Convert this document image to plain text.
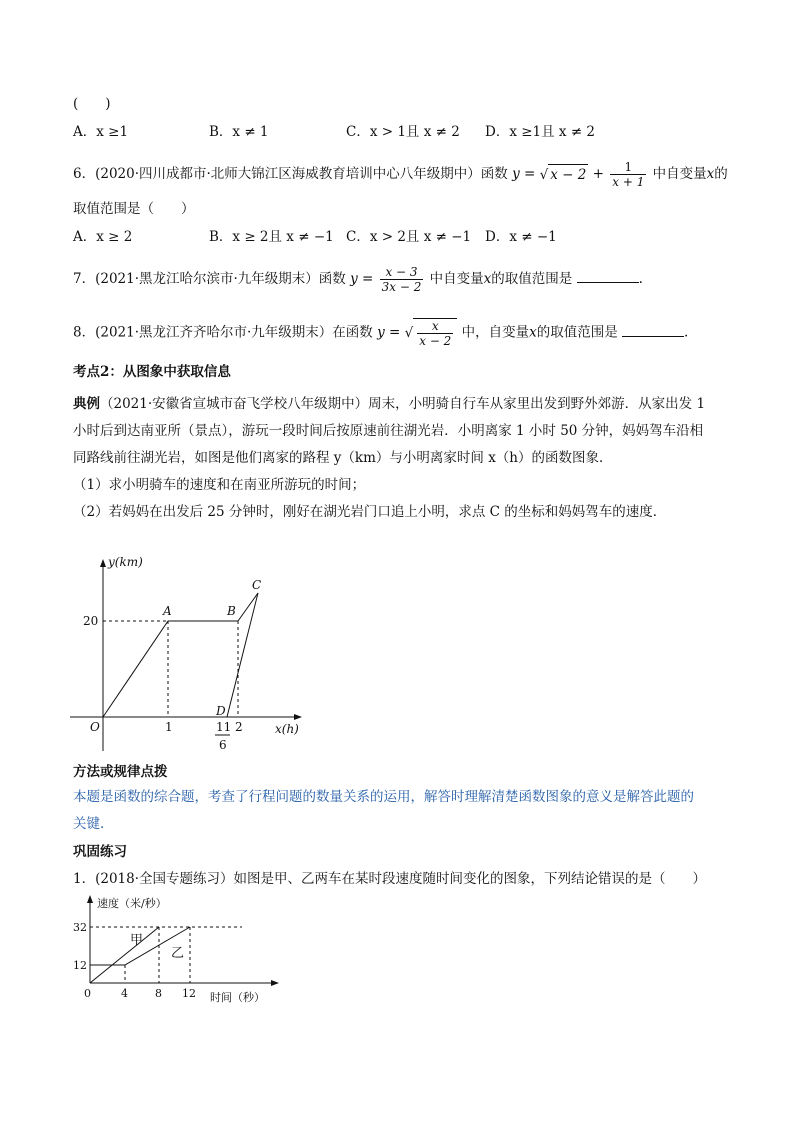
(　　)
A．x ≥1	B．x ≠ 1	C．x > 1且 x ≠ 2 D．x ≥1且 x ≠ 2
6．(2020·四川成都市·北师大锦江区海威教育培训中心八年级期中）函数 y = √ $x - 2 + \frac{1}{x + 1}$ 中自变量x的
取值范围是（　　）
A．x ≥ 2	B．x ≥ 2且 x ≠ −1 C．x > 2且 x ≠ −1 D．x ≠ −1
7．(2021·黑龙江哈尔滨市·九年级期末）函数 $y = \frac{x - 3}{3x - 2}$ 中自变量x的取值范围是	.
8．(2021·黑龙江齐齐哈尔市·九年级期末）在函数 y = √ $\frac{x}{x - 2}$ 中，自变量x的取值范围是	.
考点2：从图象中获取信息
典例（2021·安徽省宣城市奋飞学校八年级期中）周末，小明骑自行车从家里出发到野外郊游．从家出发 1
小时后到达南亚所（景点），游玩一段时间后按原速前往湖光岩．小明离家 1 小时 50 分钟，妈妈驾车沿相
同路线前往湖光岩，如图是他们离家的路程 y（km）与小明离家时间 x（h）的函数图象．
（1）求小明骑车的速度和在南亚所游玩的时间；
（2）若妈妈在出发后 25 分钟时，刚好在湖光岩门口追上小明，求点 C 的坐标和妈妈驾车的速度．
y(km)
x(h)
O
A	B
C
D
20
1	2
11
6
方法或规律点拨
本题是函数的综合题，考查了行程问题的数量关系的运用，解答时理解清楚函数图象的意义是解答此题的
关键．
巩固练习
1．(2018·全国专题练习）如图是甲、乙两车在某时段速度随时间变化的图象，下列结论错误的是（　　）
速度（米/秒）
时间（秒）
32
12
0	4 8 12
甲
乙
